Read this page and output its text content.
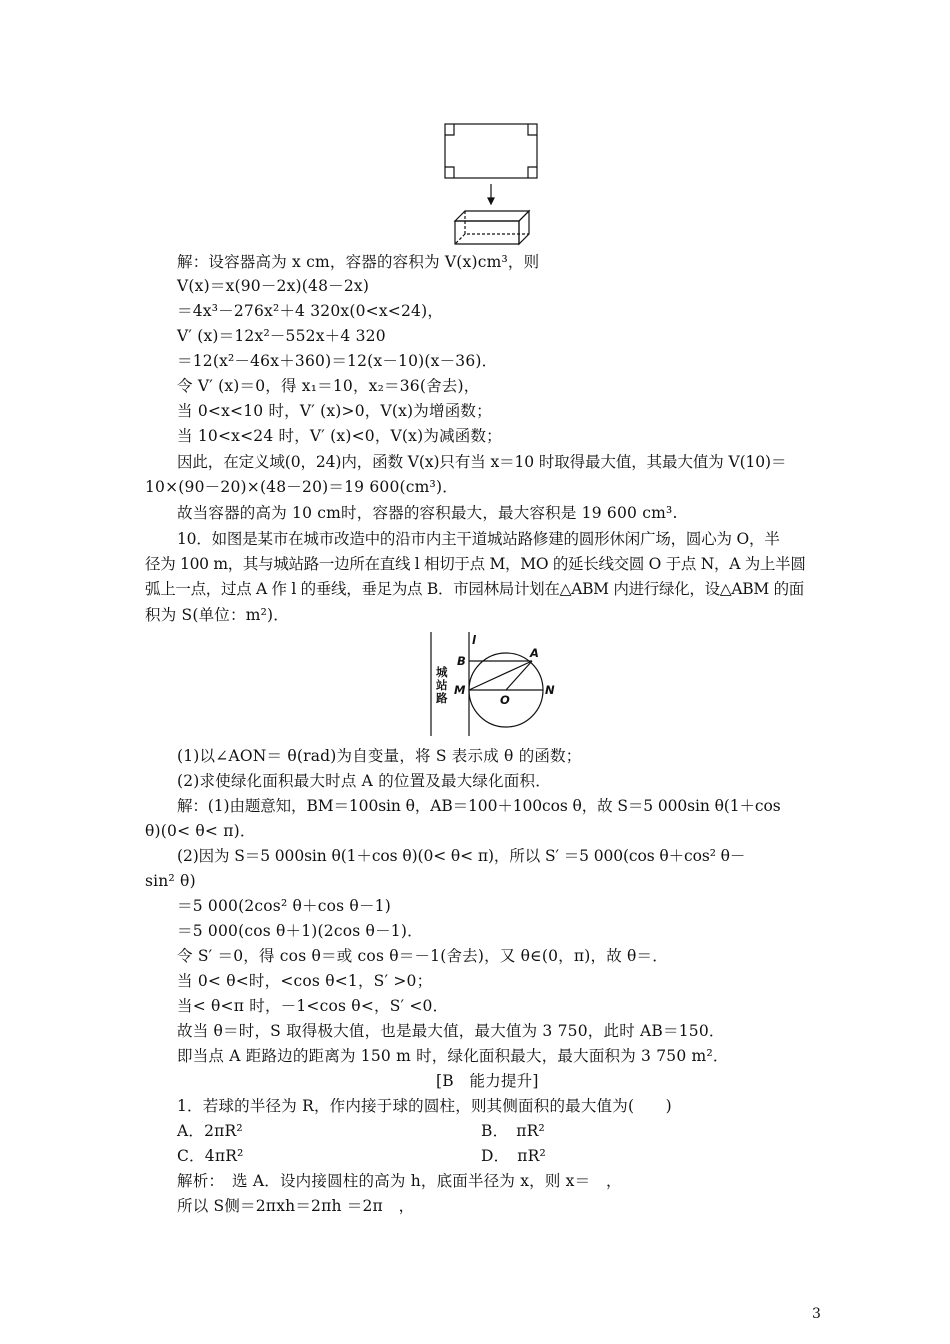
城
站
路
l
B
A
M
O
N
解：设容器高为 x cm，容器的容积为 V(x)cm³，则
V(x)＝x(90－2x)(48－2x)
＝4x³－276x²＋4 320x(0<x<24)，
V′ (x)＝12x²－552x＋4 320
＝12(x²－46x＋360)＝12(x－10)(x－36)．
令 V′ (x)＝0，得 x₁＝10，x₂＝36(舍去)，
当 0<x<10 时，V′ (x)>0，V(x)为增函数；
当 10<x<24 时，V′ (x)<0，V(x)为减函数；
因此，在定义域(0，24)内，函数 V(x)只有当 x＝10 时取得最大值，其最大值为 V(10)＝
10×(90－20)×(48－20)＝19 600(cm³)．
故当容器的高为 10 cm时，容器的容积最大，最大容积是 19 600 cm³.
10．如图是某市在城市改造中的沿市内主干道城站路修建的圆形休闲广场，圆心为 O，半
径为 100 m，其与城站路一边所在直线 l 相切于点 M，MO 的延长线交圆 O 于点 N，A 为上半圆
弧上一点，过点 A 作 l 的垂线，垂足为点 B．市园林局计划在△ABM 内进行绿化，设△ABM 的面
积为 S(单位：m²)．
(1)以∠AON＝ θ(rad)为自变量，将 S 表示成 θ 的函数；
(2)求使绿化面积最大时点 A 的位置及最大绿化面积．
解：(1)由题意知，BM＝100sin θ，AB＝100＋100cos θ，故 S＝5 000sin θ(1＋cos
θ)(0< θ< π)．
(2)因为 S＝5 000sin θ(1＋cos θ)(0< θ< π)，所以 S′ ＝5 000(cos θ＋cos² θ－
sin² θ)
＝5 000(2cos² θ＋cos θ－1)
＝5 000(cos θ＋1)(2cos θ－1)．
令 S′ ＝0，得 cos θ＝或 cos θ＝－1(舍去)，又 θ∈(0，π)，故 θ＝．
当 0< θ<时，<cos θ<1，S′ >0；
当< θ<π 时，－1<cos θ<，S′ <0．
故当 θ＝时，S 取得极大值，也是最大值，最大值为 3 750，此时 AB＝150．
即当点 A 距路边的距离为 150 m 时，绿化面积最大，最大面积为 3 750 m²．
[B　能力提升]
1．若球的半径为 R，作内接于球的圆柱，则其侧面积的最大值为(　　)
A．2πR²	B．　πR²
C．4πR²	D．　πR²
解析：　选 A．设内接圆柱的高为 h，底面半径为 x，则 x＝　，
所以 S侧＝2πxh＝2πh ＝2π　，
3
